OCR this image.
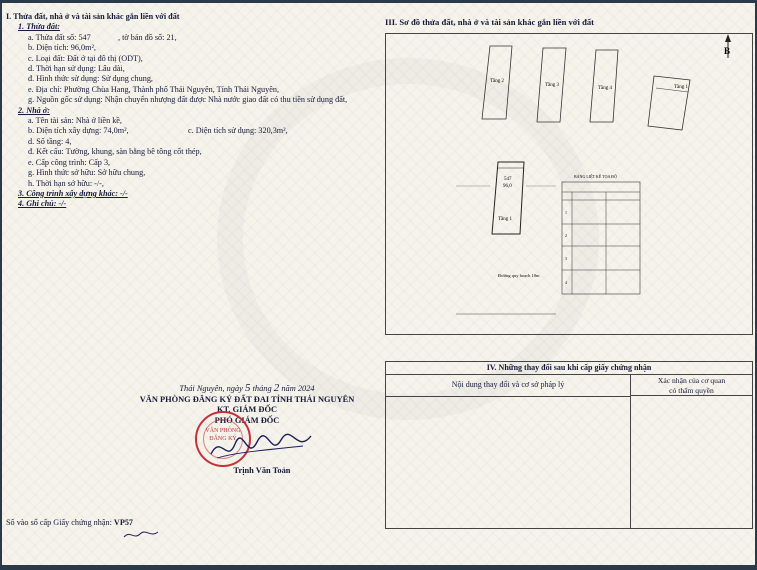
I. Thửa đất, nhà ở và tài sản khác gắn liền với đất
1. Thửa đất:
a. Thửa đất số: 547	, tờ bản đồ số: 21,
b. Diện tích: 96,0m²,
c. Loại đất: Đất ở tại đô thị (ODT),
d. Thời hạn sử dụng: Lâu dài,
đ. Hình thức sử dụng: Sử dụng chung,
e. Địa chỉ: Phường Chùa Hang, Thành phố Thái Nguyên, Tỉnh Thái Nguyên,
g. Nguồn gốc sử dụng: Nhận chuyển nhượng đất được Nhà nước giao đất có thu tiền sử dụng đất,
2. Nhà ở:
a. Tên tài sản: Nhà ở liền kề,
b. Diện tích xây dựng: 74,0m²,	c. Diện tích sử dụng: 320,3m²,
d. Số tầng: 4,
đ. Kết cấu: Tường, khung, sàn bằng bê tông cốt thép,
e. Cấp công trình: Cấp 3,
g. Hình thức sở hữu: Sở hữu chung,
h. Thời hạn sở hữu: -/-,
3. Công trình xây dựng khác: -/-
4. Ghi chú: -/-
III. Sơ đồ thửa đất, nhà ở và tài sản khác gắn liền với đất
B
Tầng 2
Tầng 3
Tầng 4	Tầng 1
547
96,0
Tầng 1
Đường quy hoạch 10m
BẢNG LIỆT KÊ TỌA ĐỘ
1
2
3
4
IV. Những thay đổi sau khi cấp giấy chứng nhận
Nội dung thay đổi và cơ sở pháp lý	Xác nhận của cơ quan
có thẩm quyền
Thái Nguyên, ngày 5 tháng 2 năm 2024
VĂN PHÒNG ĐĂNG KÝ ĐẤT ĐAI TỈNH THÁI NGUYÊN
KT. GIÁM ĐỐC
PHÓ GIÁM ĐỐC
Trịnh Văn Toản
VĂN PHÒNG ĐĂNG KÝ
Số vào sổ cấp Giấy chứng nhận: VP57
